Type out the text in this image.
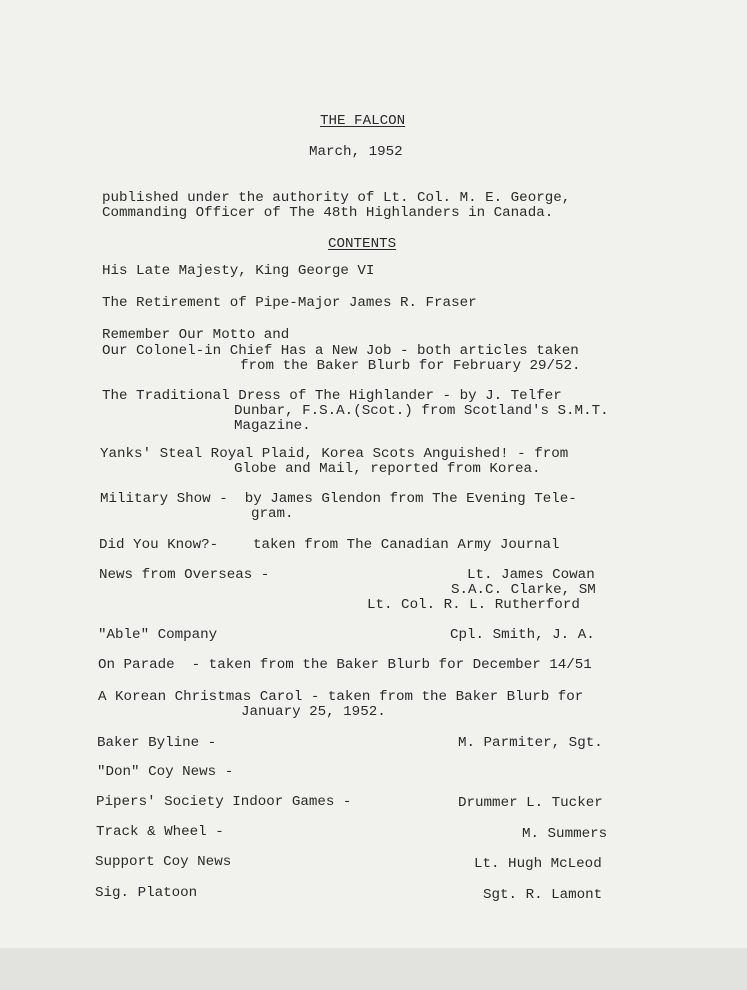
THE FALCON
March, 1952
published under the authority of Lt. Col. M. E. George,
Commanding Officer of The 48th Highlanders in Canada.
CONTENTS
His Late Majesty, King George VI
The Retirement of Pipe-Major James R. Fraser
Remember Our Motto and
Our Colonel-in Chief Has a New Job - both articles taken
from the Baker Blurb for February 29/52.
The Traditional Dress of The Highlander - by J. Telfer
Dunbar, F.S.A.(Scot.) from Scotland's S.M.T.
Magazine.
Yanks' Steal Royal Plaid, Korea Scots Anguished! - from
Globe and Mail, reported from Korea.
Military Show -  by James Glendon from The Evening Tele-
gram.
Did You Know?- taken from The Canadian Army Journal
News from Overseas -	Lt. James Cowan
S.A.C. Clarke, SM
Lt. Col. R. L. Rutherford
"Able" Company	Cpl. Smith, J. A.
On Parade  - taken from the Baker Blurb for December 14/51
A Korean Christmas Carol - taken from the Baker Blurb for
January 25, 1952.
Baker Byline -	M. Parmiter, Sgt.
"Don" Coy News -
Pipers' Society Indoor Games -	Drummer L. Tucker
Track & Wheel -	M. Summers
Support Coy News	Lt. Hugh McLeod
Sig. Platoon	Sgt. R. Lamont
